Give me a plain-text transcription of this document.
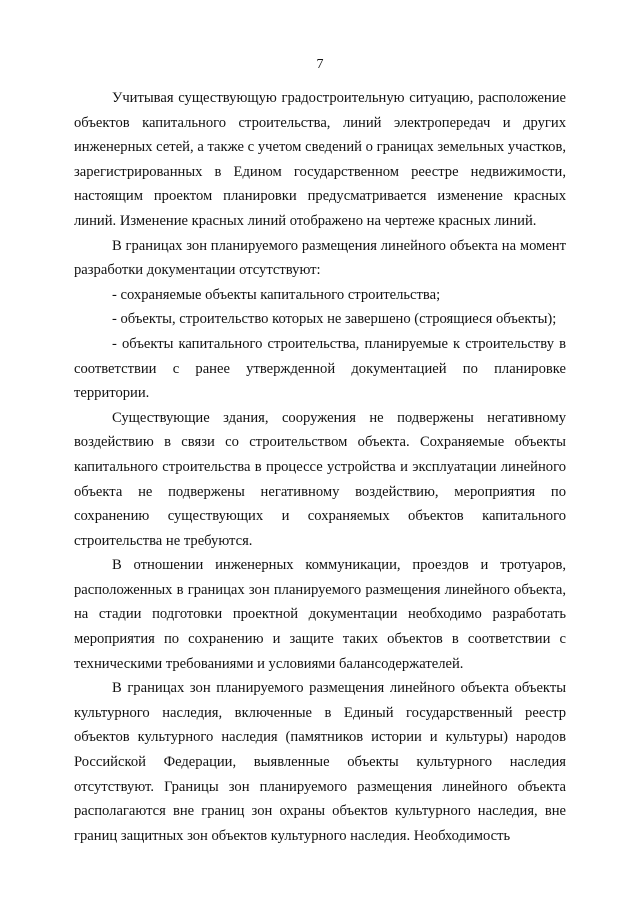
7

Учитывая существующую градостроительную ситуацию, расположение объектов капитального строительства, линий электропередач и других инженерных сетей, а также с учетом сведений о границах земельных участков, зарегистрированных в Едином государственном реестре недвижимости, настоящим проектом планировки предусматривается изменение красных линий. Изменение красных линий отображено на чертеже красных линий.

В границах зон планируемого размещения линейного объекта на момент разработки документации отсутствуют:

- сохраняемые объекты капитального строительства;

- объекты, строительство которых не завершено (строящиеся объекты);

- объекты капитального строительства, планируемые к строительству в соответствии с ранее утвержденной документацией по планировке территории.

Существующие здания, сооружения не подвержены негативному воздействию в связи со строительством объекта. Сохраняемые объекты капитального строительства в процессе устройства и эксплуатации линейного объекта не подвержены негативному воздействию, мероприятия по сохранению существующих и сохраняемых объектов капитального строительства не требуются.

В отношении инженерных коммуникации, проездов и тротуаров, расположенных в границах зон планируемого размещения линейного объекта, на стадии подготовки проектной документации необходимо разработать мероприятия по сохранению и защите таких объектов в соответствии с техническими требованиями и условиями балансодержателей.

В границах зон планируемого размещения линейного объекта объекты культурного наследия, включенные в Единый государственный реестр объектов культурного наследия (памятников истории и культуры) народов Российской Федерации, выявленные объекты культурного наследия отсутствуют. Границы зон планируемого размещения линейного объекта располагаются вне границ зон охраны объектов культурного наследия, вне границ защитных зон объектов культурного наследия. Необходимость
